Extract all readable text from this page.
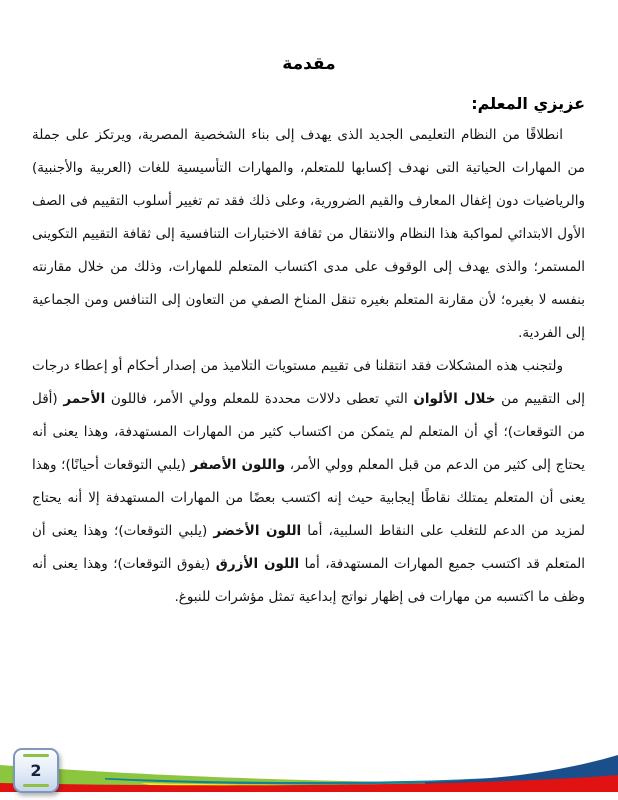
مقدمة
عزيزي المعلم:

انطلاقًا من النظام التعليمى الجديد الذى يهدف إلى بناء الشخصية المصرية، ويرتكز على جملة من المهارات الحياتية التى نهدف إكسابها للمتعلم، والمهارات التأسيسية للغات (العربية والأجنبية) والرياضيات دون إغفال المعارف والقيم الضرورية، وعلى ذلك فقد تم تغيير أسلوب التقييم فى الصف الأول الابتدائي لمواكبة هذا النظام والانتقال من ثقافة الاختبارات التنافسية إلى ثقافة التقييم التكوينى المستمر؛ والذى يهدف إلى الوقوف على مدى اكتساب المتعلم للمهارات، وذلك من خلال مقارنته بنفسه لا بغيره؛ لأن مقارنة المتعلم بغيره تنقل المناخ الصفي من التعاون إلى التنافس ومن الجماعية إلى الفردية.

ولتجنب هذه المشكلات فقد انتقلنا فى تقييم مستويات التلاميذ من إصدار أحكام أو إعطاء درجات إلى التقييم من خلال الألوان التي تعطى دلالات محددة للمعلم وولي الأمر، فاللون الأحمر (أقل من التوقعات)؛ أي أن المتعلم لم يتمكن من اكتساب كثير من المهارات المستهدفة، وهذا يعنى أنه يحتاج إلى كثير من الدعم من قبل المعلم وولي الأمر، واللون الأصفر (يلبي التوقعات أحيانًا)؛ وهذا يعنى أن المتعلم يمتلك نقاطًا إيجابية حيث إنه اكتسب بعضًا من المهارات المستهدفة إلا أنه يحتاج لمزيد من الدعم للتغلب على النقاط السلبية، أما اللون الأخضر (يلبي التوقعات)؛ وهذا يعنى أن المتعلم قد اكتسب جميع المهارات المستهدفة، أما اللون الأزرق (يفوق التوقعات)؛ وهذا يعنى أنه وظف ما اكتسبه من مهارات فى إظهار نواتج إبداعية تمثل مؤشرات للنبوغ.

2
